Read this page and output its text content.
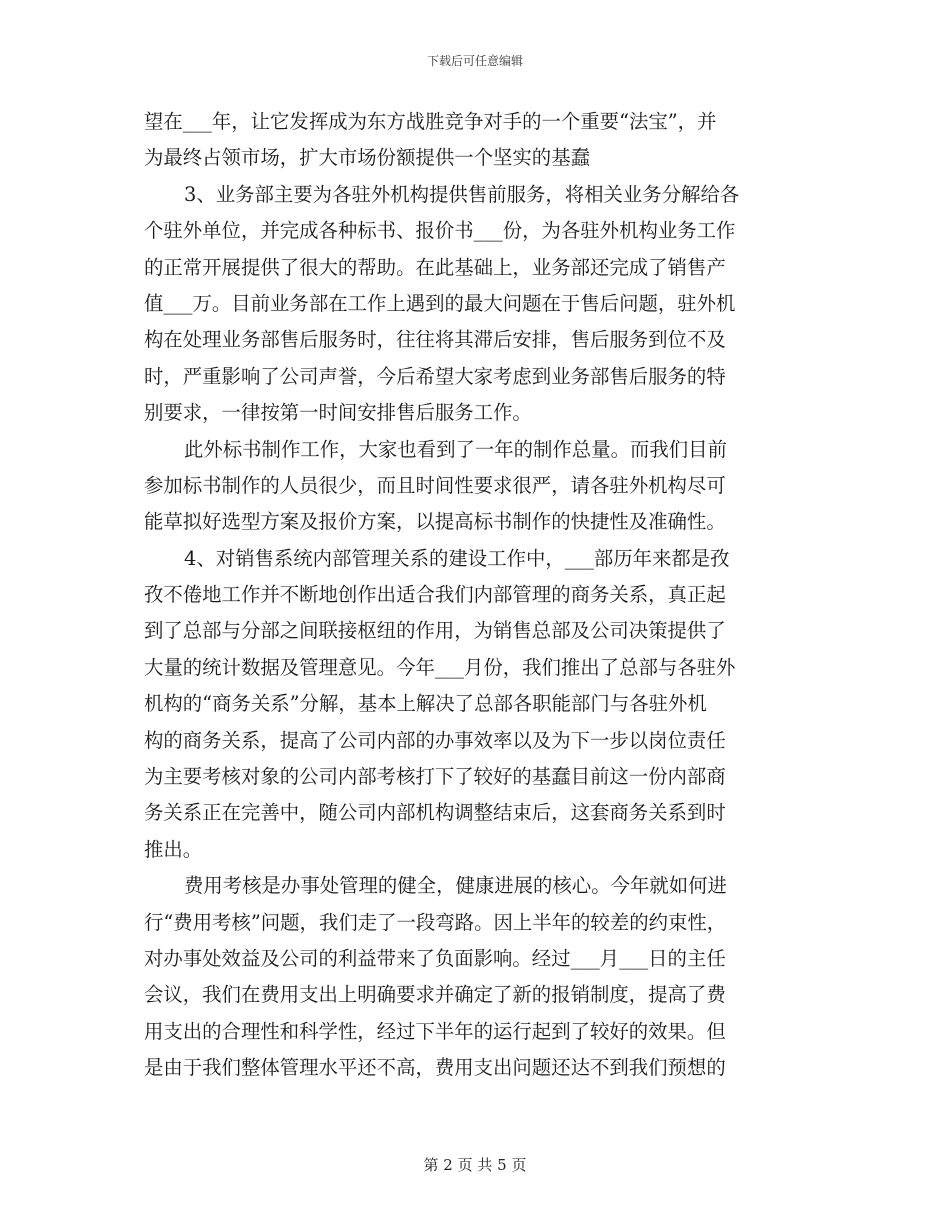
下载后可任意编辑
望在___年，让它发挥成为东方战胜竞争对手的一个重要“法宝”，并
为最终占领市场，扩大市场份额提供一个坚实的基蠢
3、业务部主要为各驻外机构提供售前服务，将相关业务分解给各
个驻外单位，并完成各种标书、报价书___份，为各驻外机构业务工作
的正常开展提供了很大的帮助。在此基础上，业务部还完成了销售产
值___万。目前业务部在工作上遇到的最大问题在于售后问题，驻外机
构在处理业务部售后服务时，往往将其滞后安排，售后服务到位不及
时，严重影响了公司声誉，今后希望大家考虑到业务部售后服务的特
别要求，一律按第一时间安排售后服务工作。
此外标书制作工作，大家也看到了一年的制作总量。而我们目前
参加标书制作的人员很少，而且时间性要求很严，请各驻外机构尽可
能草拟好选型方案及报价方案，以提高标书制作的快捷性及准确性。
4、对销售系统内部管理关系的建设工作中，___部历年来都是孜
孜不倦地工作并不断地创作出适合我们内部管理的商务关系，真正起
到了总部与分部之间联接枢纽的作用，为销售总部及公司决策提供了
大量的统计数据及管理意见。今年___月份，我们推出了总部与各驻外
机构的“商务关系”分解，基本上解决了总部各职能部门与各驻外机
构的商务关系，提高了公司内部的办事效率以及为下一步以岗位责任
为主要考核对象的公司内部考核打下了较好的基蠢目前这一份内部商
务关系正在完善中，随公司内部机构调整结束后，这套商务关系到时
推出。
费用考核是办事处管理的健全，健康进展的核心。今年就如何进
行“费用考核”问题，我们走了一段弯路。因上半年的较差的约束性，
对办事处效益及公司的利益带来了负面影响。经过___月___日的主任
会议，我们在费用支出上明确要求并确定了新的报销制度，提高了费
用支出的合理性和科学性，经过下半年的运行起到了较好的效果。但
是由于我们整体管理水平还不高，费用支出问题还达不到我们预想的
第 2 页 共 5 页
